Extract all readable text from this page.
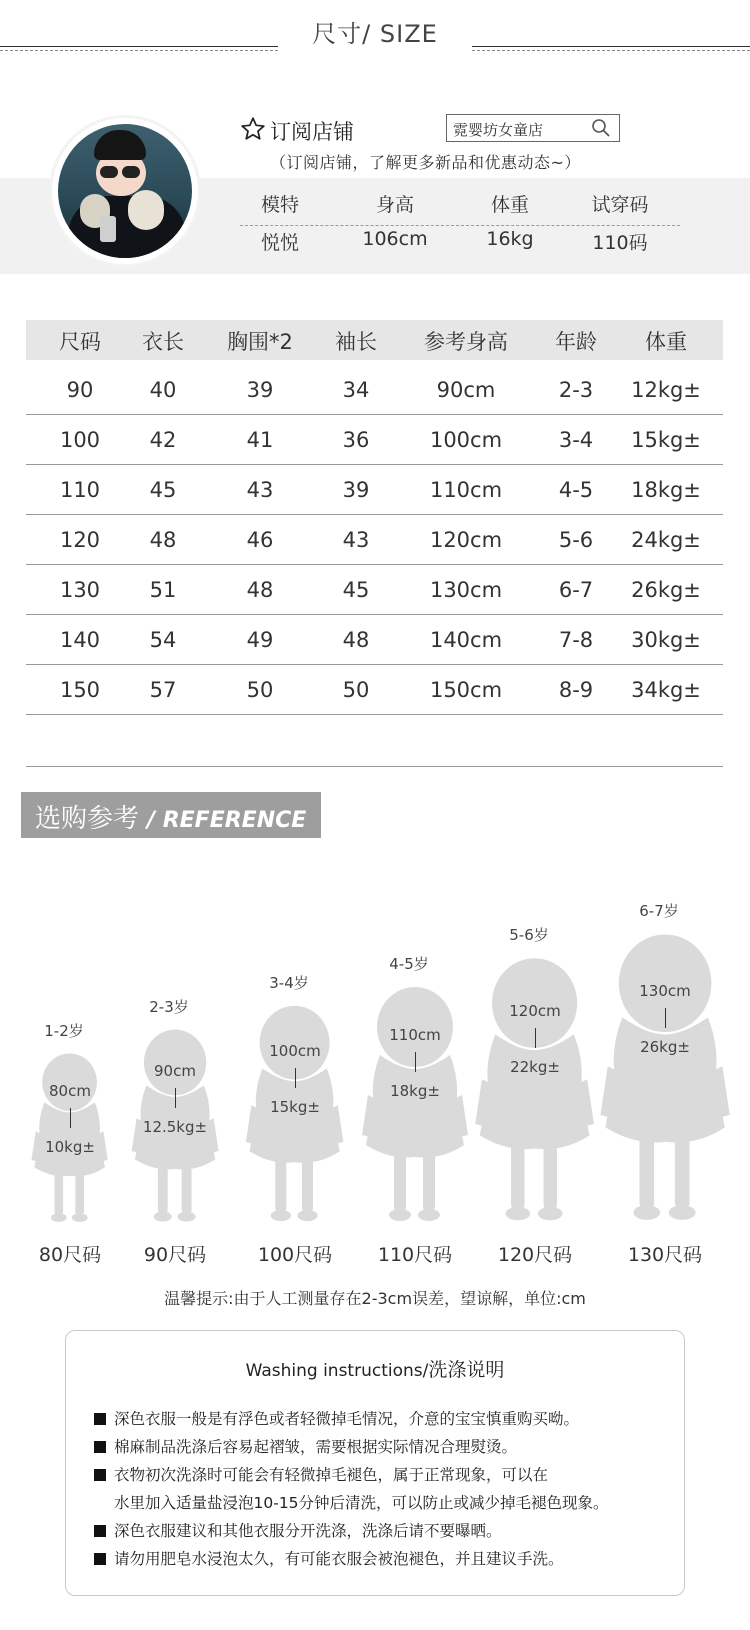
尺寸/ SIZE
订阅店铺	霓婴坊女童店
（订阅店铺，了解更多新品和优惠动态~）
模特	身高	体重	试穿码
悦悦	106cm	16kg	110码
尺码	衣长	胸围*2	袖长	参考身高	年龄	体重
90	40	39	34	90cm	2-3	12kg±
100	42	41	36	100cm	3-4	15kg±
110	45	43	39	110cm	4-5	18kg±
120	48	46	43	120cm	5-6	24kg±
130	51	48	45	130cm	6-7	26kg±
140	54	49	48	140cm	7-8	30kg±
150	57	50	50	150cm	8-9	34kg±
选购参考 / REFERENCE
1-2岁
80cm
10kg±
80尺码
2-3岁
90cm
12.5kg±
90尺码
3-4岁
100cm
15kg±
100尺码
4-5岁
110cm
18kg±
110尺码
5-6岁
120cm
22kg±
120尺码
6-7岁
130cm
26kg±
130尺码
温馨提示:由于人工测量存在2-3cm误差，望谅解，单位:cm
Washing instructions/洗涤说明
深色衣服一般是有浮色或者轻微掉毛情况，介意的宝宝慎重购买呦。
棉麻制品洗涤后容易起褶皱，需要根据实际情况合理熨烫。
衣物初次洗涤时可能会有轻微掉毛褪色，属于正常现象，可以在
水里加入适量盐浸泡10-15分钟后清洗，可以防止或减少掉毛褪色现象。
深色衣服建议和其他衣服分开洗涤，洗涤后请不要曝晒。
请勿用肥皂水浸泡太久，有可能衣服会被泡褪色，并且建议手洗。
